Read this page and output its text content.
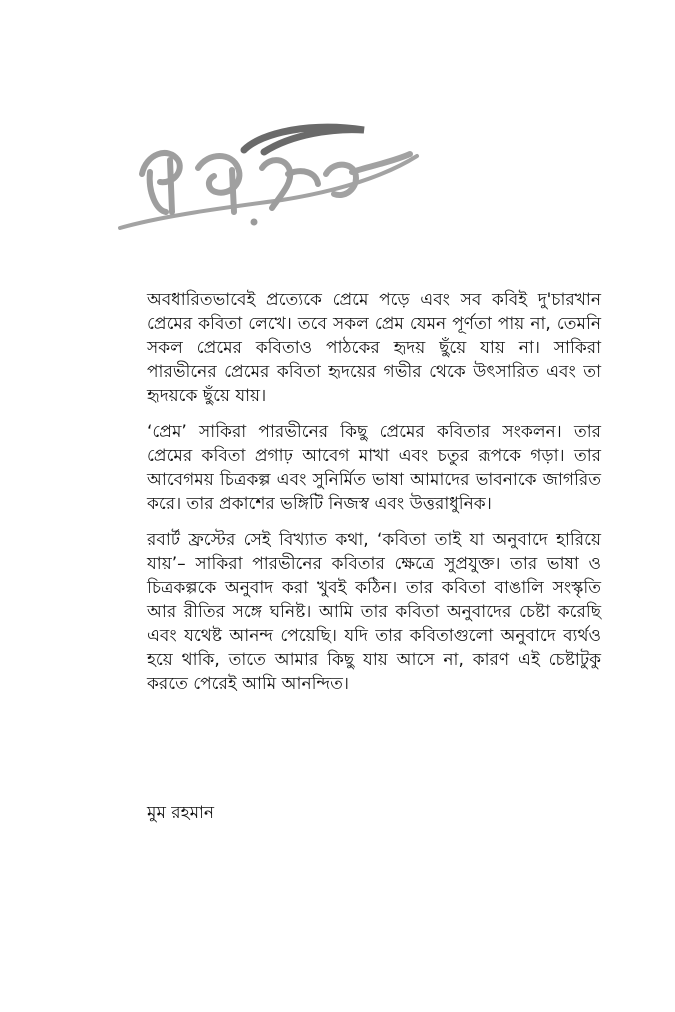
অবধারিতভাবেই প্রত্যেকে প্রেমে পড়ে এবং সব কবিই দু'চারখান প্রেমের কবিতা লেখে। তবে সকল প্রেম যেমন পূর্ণতা পায় না, তেমনি সকল প্রেমের কবিতাও পাঠকের হৃদয় ছুঁয়ে যায় না। সাকিরা পারভীনের প্রেমের কবিতা হৃদয়ের গভীর থেকে উৎসারিত এবং তা হৃদয়কে ছুঁয়ে যায়।

‘প্রেম’ সাকিরা পারভীনের কিছু প্রেমের কবিতার সংকলন। তার প্রেমের কবিতা প্রগাঢ় আবেগ মাখা এবং চতুর রূপকে গড়া। তার আবেগময় চিত্রকল্প এবং সুনির্মিত ভাষা আমাদের ভাবনাকে জাগরিত করে। তার প্রকাশের ভঙ্গিটি নিজস্ব এবং উত্তরাধুনিক।

রবার্ট ফ্রস্টের সেই বিখ্যাত কথা, ‘কবিতা তাই যা অনুবাদে হারিয়ে যায়’– সাকিরা পারভীনের কবিতার ক্ষেত্রে সুপ্রযুক্ত। তার ভাষা ও চিত্রকল্পকে অনুবাদ করা খুবই কঠিন। তার কবিতা বাঙালি সংস্কৃতি আর রীতির সঙ্গে ঘনিষ্ট। আমি তার কবিতা অনুবাদের চেষ্টা করেছি এবং যথেষ্ট আনন্দ পেয়েছি। যদি তার কবিতাগুলো অনুবাদে ব্যর্থও হয়ে থাকি, তাতে আমার কিছু যায় আসে না, কারণ এই চেষ্টাটুকু করতে পেরেই আমি আনন্দিত।

মুম রহমান
